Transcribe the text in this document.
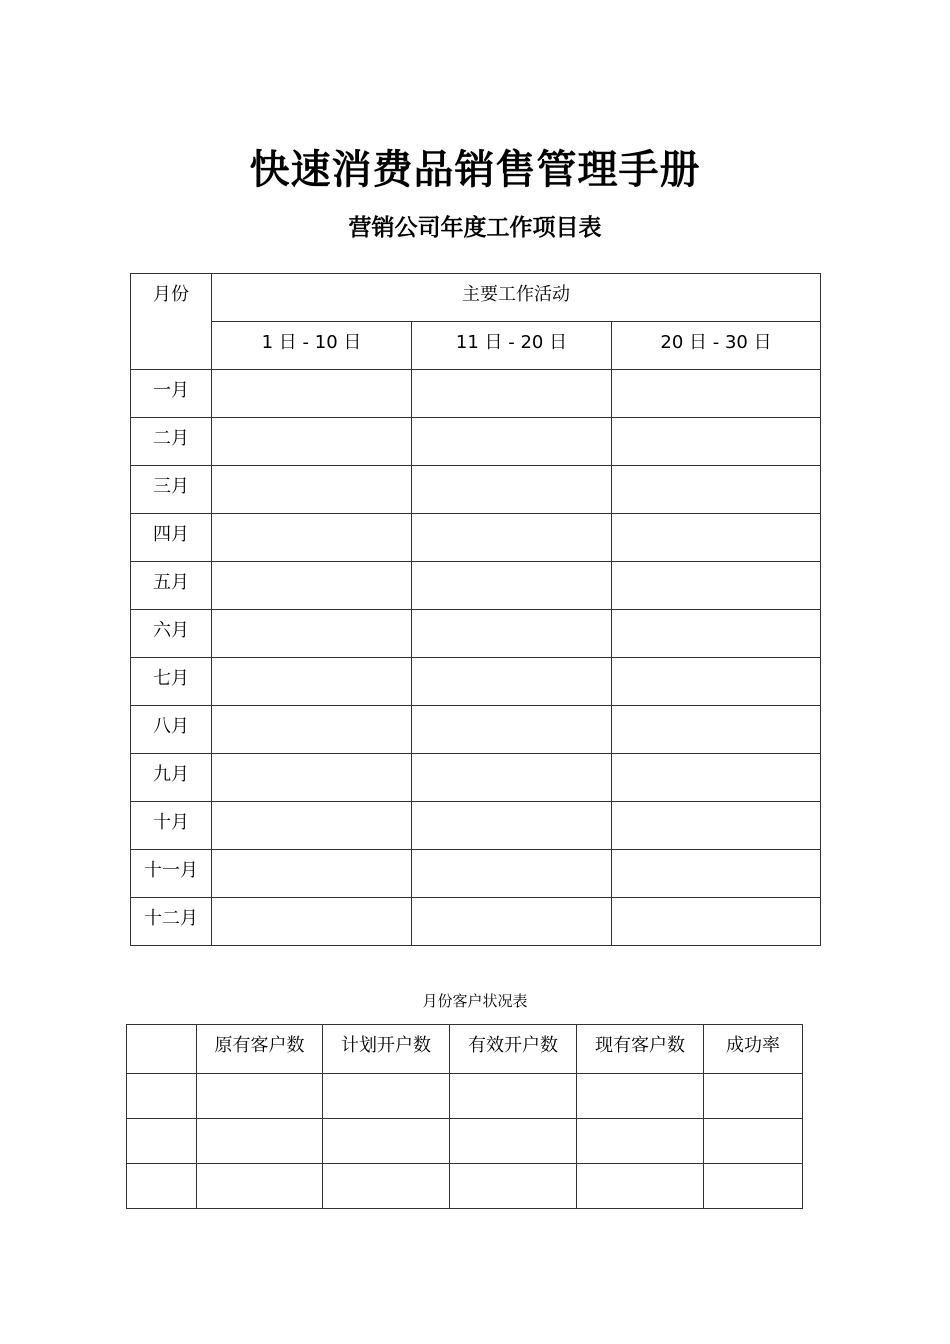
快速消费品销售管理手册
营销公司年度工作项目表
月份	主要工作活动		

	1 日 - 10 日	11 日 - 20 日	20 日 - 30 日

一月			

二月			

三月			

四月			

五月			

六月			

七月			

八月			

九月			

十月			

十一月			

十二月			

月份客户状况表

	原有客户数	计划开户数	有效开户数	现有客户数	成功率
